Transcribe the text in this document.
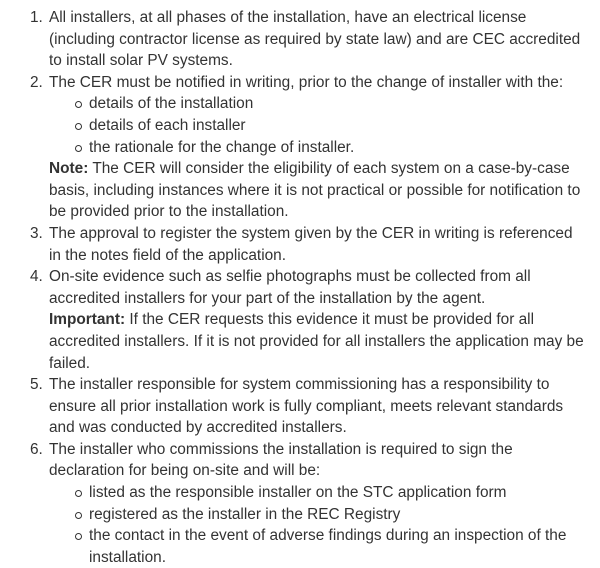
1. All installers, at all phases of the installation, have an electrical license (including contractor license as required by state law) and are CEC accredited to install solar PV systems.
2. The CER must be notified in writing, prior to the change of installer with the:
details of the installation
details of each installer
the rationale for the change of installer.

Note: The CER will consider the eligibility of each system on a case-by-case basis, including instances where it is not practical or possible for notification to be provided prior to the installation.

3. The approval to register the system given by the CER in writing is referenced in the notes field of the application.
4. On-site evidence such as selfie photographs must be collected from all accredited installers for your part of the installation by the agent.

Important: If the CER requests this evidence it must be provided for all accredited installers. If it is not provided for all installers the application may be failed.

5. The installer responsible for system commissioning has a responsibility to ensure all prior installation work is fully compliant, meets relevant standards and was conducted by accredited installers.
6. The installer who commissions the installation is required to sign the declaration for being on-site and will be:
listed as the responsible installer on the STC application form
registered as the installer in the REC Registry
the contact in the event of adverse findings during an inspection of the installation.
